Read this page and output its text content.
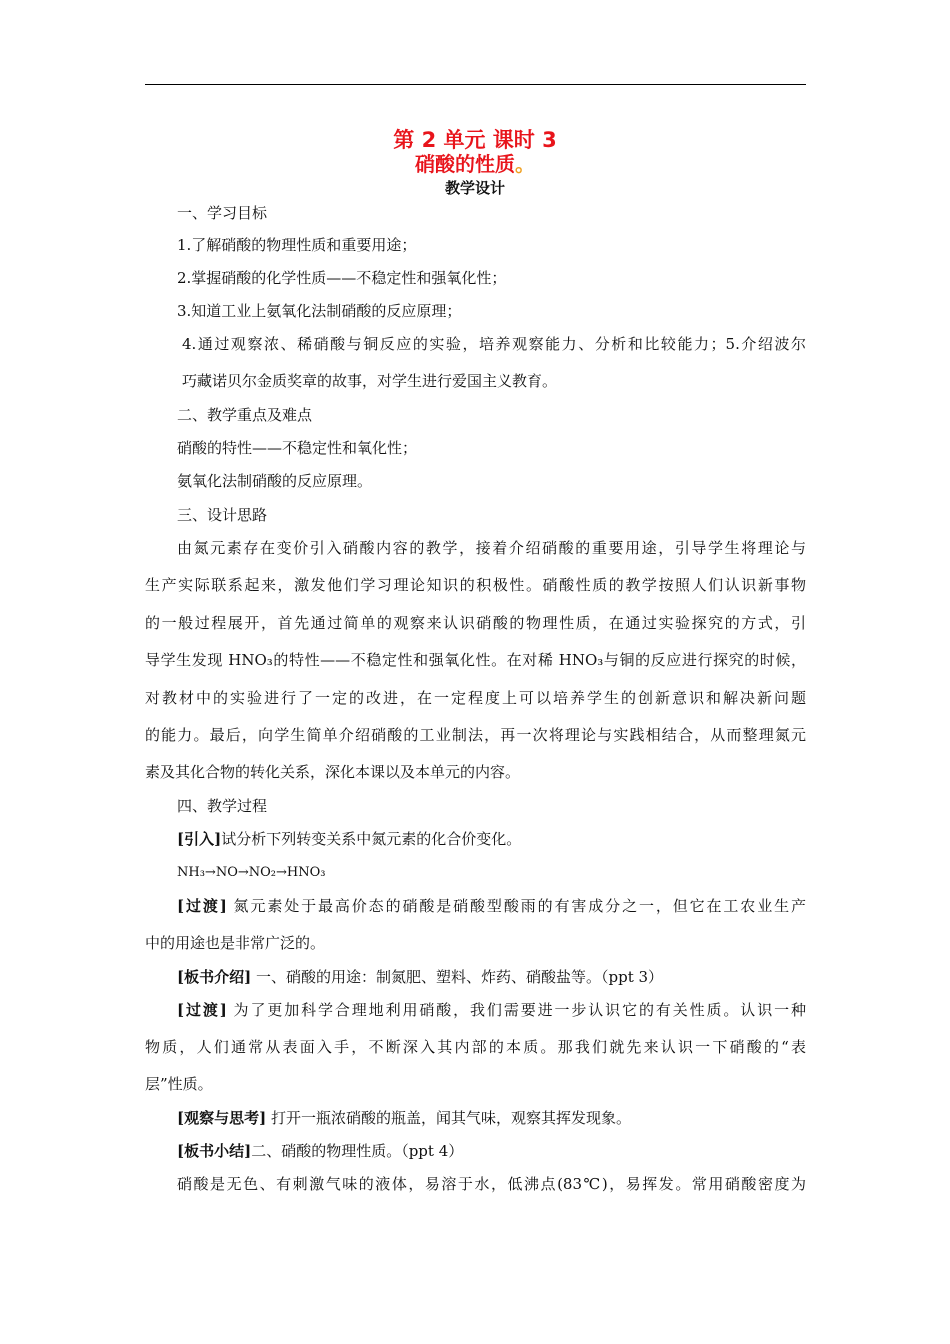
第 2 单元 课时 3
硝酸的性质。
教学设计
一、学习目标
1.了解硝酸的物理性质和重要用途；
2.掌握硝酸的化学性质——不稳定性和强氧化性；
3.知道工业上氨氧化法制硝酸的反应原理；
4.通过观察浓、稀硝酸与铜反应的实验，培养观察能力、分析和比较能力；5.介绍波尔
巧藏诺贝尔金质奖章的故事，对学生进行爱国主义教育。
二、教学重点及难点
硝酸的特性——不稳定性和氧化性；
氨氧化法制硝酸的反应原理。
三、设计思路
由氮元素存在变价引入硝酸内容的教学，接着介绍硝酸的重要用途，引导学生将理论与
生产实际联系起来，激发他们学习理论知识的积极性。硝酸性质的教学按照人们认识新事物
的一般过程展开，首先通过简单的观察来认识硝酸的物理性质，在通过实验探究的方式，引
导学生发现 HNO₃的特性——不稳定性和强氧化性。在对稀 HNO₃与铜的反应进行探究的时候，
对教材中的实验进行了一定的改进，在一定程度上可以培养学生的创新意识和解决新问题
的能力。最后，向学生简单介绍硝酸的工业制法，再一次将理论与实践相结合，从而整理氮元
素及其化合物的转化关系，深化本课以及本单元的内容。
四、教学过程
[引入]试分析下列转变关系中氮元素的化合价变化。
NH₃→NO→NO₂→HNO₃
[过渡] 氮元素处于最高价态的硝酸是硝酸型酸雨的有害成分之一，但它在工农业生产
中的用途也是非常广泛的。
[板书介绍] 一、硝酸的用途：制氮肥、塑料、炸药、硝酸盐等。（ppt 3）
[过渡] 为了更加科学合理地利用硝酸，我们需要进一步认识它的有关性质。认识一种
物质，人们通常从表面入手，不断深入其内部的本质。那我们就先来认识一下硝酸的“表
层”性质。
[观察与思考] 打开一瓶浓硝酸的瓶盖，闻其气味，观察其挥发现象。
[板书小结]二、硝酸的物理性质。（ppt 4）
硝酸是无色、有刺激气味的液体，易溶于水，低沸点(83℃)，易挥发。常用硝酸密度为
